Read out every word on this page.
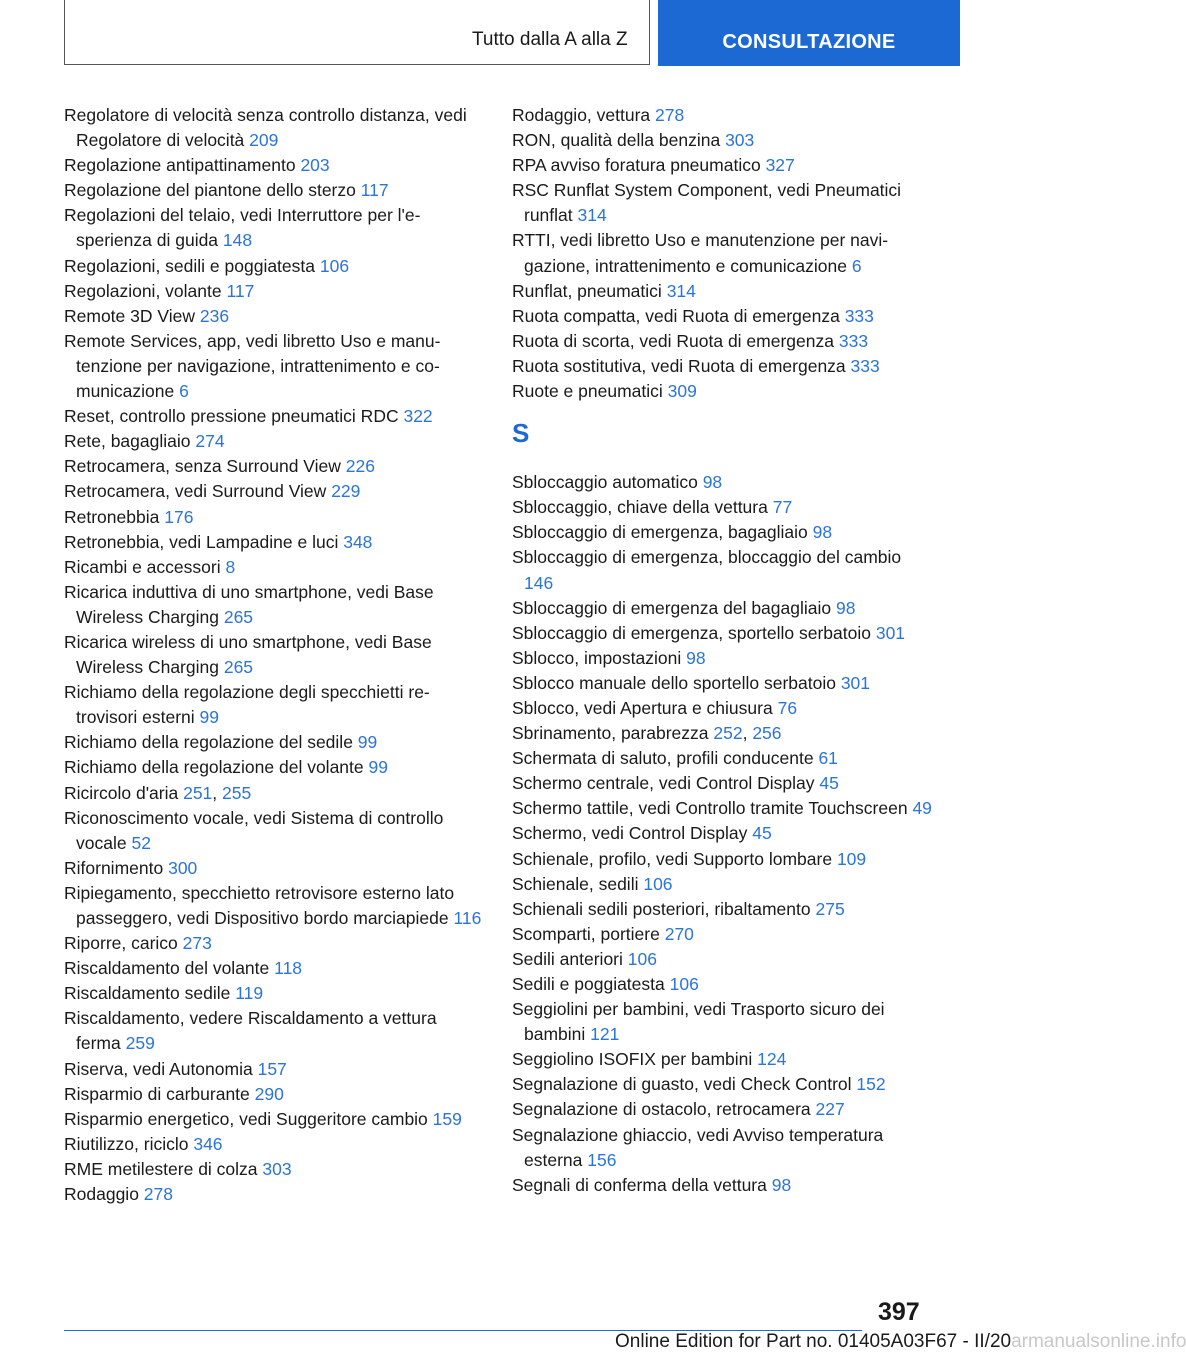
Tutto dalla A alla Z	CONSULTAZIONE
Regolatore di velocità senza controllo distanza, vedi Regolatore di velocità 209
Regolazione antipattinamento 203
Regolazione del piantone dello sterzo 117
Regolazioni del telaio, vedi Interruttore per l'esperienza di guida 148
Regolazioni, sedili e poggiatesta 106
Regolazioni, volante 117
Remote 3D View 236
Remote Services, app, vedi libretto Uso e manutenzione per navigazione, intrattenimento e comunicazione 6
Reset, controllo pressione pneumatici RDC 322
Rete, bagagliaio 274
Retrocamera, senza Surround View 226
Retrocamera, vedi Surround View 229
Retronebbia 176
Retronebbia, vedi Lampadine e luci 348
Ricambi e accessori 8
Ricarica induttiva di uno smartphone, vedi Base Wireless Charging 265
Ricarica wireless di uno smartphone, vedi Base Wireless Charging 265
Richiamo della regolazione degli specchietti retrovisori esterni 99
Richiamo della regolazione del sedile 99
Richiamo della regolazione del volante 99
Ricircolo d'aria 251, 255
Riconoscimento vocale, vedi Sistema di controllo vocale 52
Rifornimento 300
Ripiegamento, specchietto retrovisore esterno lato passeggero, vedi Dispositivo bordo marciapiede 116
Riporre, carico 273
Riscaldamento del volante 118
Riscaldamento sedile 119
Riscaldamento, vedere Riscaldamento a vettura ferma 259
Riserva, vedi Autonomia 157
Risparmio di carburante 290
Risparmio energetico, vedi Suggeritore cambio 159
Riutilizzo, riciclo 346
RME metilestere di colza 303
Rodaggio 278
Rodaggio, vettura 278
RON, qualità della benzina 303
RPA avviso foratura pneumatico 327
RSC Runflat System Component, vedi Pneumatici runflat 314
RTTI, vedi libretto Uso e manutenzione per navigazione, intrattenimento e comunicazione 6
Runflat, pneumatici 314
Ruota compatta, vedi Ruota di emergenza 333
Ruota di scorta, vedi Ruota di emergenza 333
Ruota sostitutiva, vedi Ruota di emergenza 333
Ruote e pneumatici 309
S
Sbloccaggio automatico 98
Sbloccaggio, chiave della vettura 77
Sbloccaggio di emergenza, bagagliaio 98
Sbloccaggio di emergenza, bloccaggio del cambio 146
Sbloccaggio di emergenza del bagagliaio 98
Sbloccaggio di emergenza, sportello serbatoio 301
Sblocco, impostazioni 98
Sblocco manuale dello sportello serbatoio 301
Sblocco, vedi Apertura e chiusura 76
Sbrinamento, parabrezza 252, 256
Schermata di saluto, profili conducente 61
Schermo centrale, vedi Control Display 45
Schermo tattile, vedi Controllo tramite Touchscreen 49
Schermo, vedi Control Display 45
Schienale, profilo, vedi Supporto lombare 109
Schienale, sedili 106
Schienali sedili posteriori, ribaltamento 275
Scomparti, portiere 270
Sedili anteriori 106
Sedili e poggiatesta 106
Seggiolini per bambini, vedi Trasporto sicuro dei bambini 121
Seggiolino ISOFIX per bambini 124
Segnalazione di guasto, vedi Check Control 152
Segnalazione di ostacolo, retrocamera 227
Segnalazione ghiaccio, vedi Avviso temperatura esterna 156
Segnali di conferma della vettura 98
397
Online Edition for Part no. 01405A03F67 - II/20armanualsonline.info
